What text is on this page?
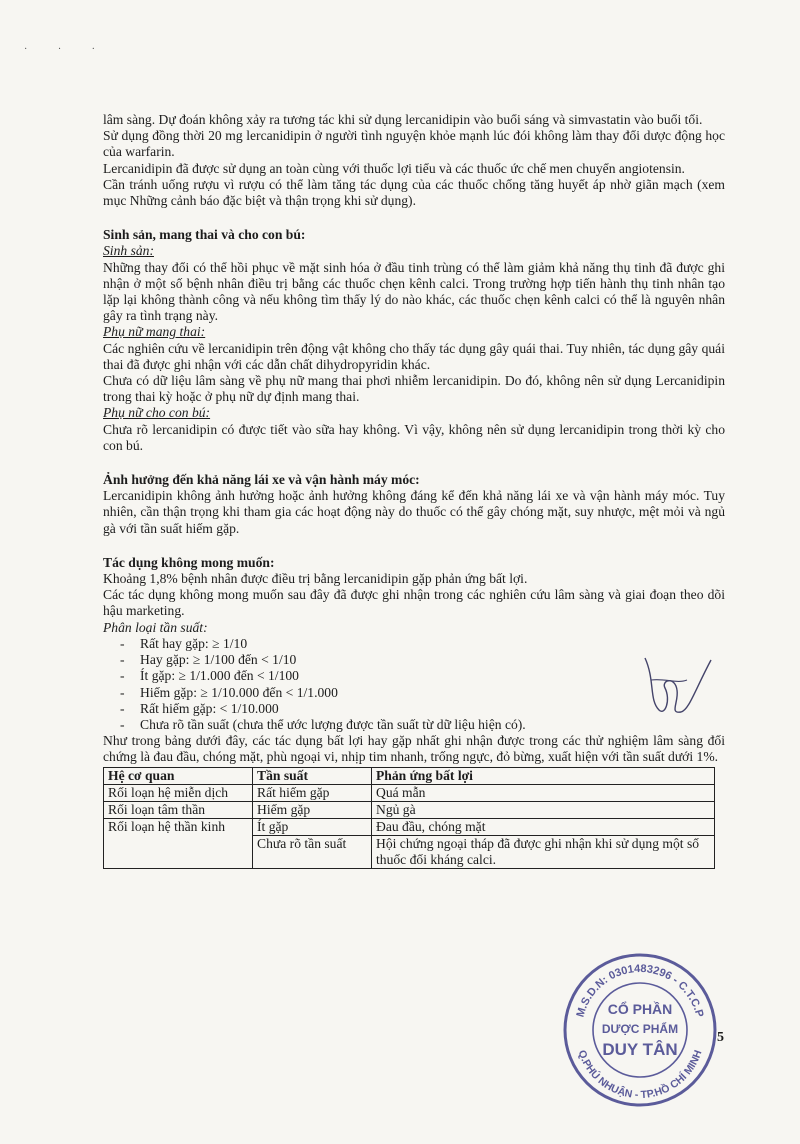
· · ·

lâm sàng. Dự đoán không xảy ra tương tác khi sử dụng lercanidipin vào buổi sáng và simvastatin vào buổi tối.

Sử dụng đồng thời 20 mg lercanidipin ở người tình nguyện khỏe mạnh lúc đói không làm thay đổi dược động học của warfarin.

Lercanidipin đã được sử dụng an toàn cùng với thuốc lợi tiểu và các thuốc ức chế men chuyển angiotensin.

Cần tránh uống rượu vì rượu có thể làm tăng tác dụng của các thuốc chống tăng huyết áp nhờ giãn mạch (xem mục Những cảnh báo đặc biệt và thận trọng khi sử dụng).

Sinh sản, mang thai và cho con bú:

Sinh sản:

Những thay đổi có thể hồi phục về mặt sinh hóa ở đầu tinh trùng có thể làm giảm khả năng thụ tinh đã được ghi nhận ở một số bệnh nhân điều trị bằng các thuốc chẹn kênh calci. Trong trường hợp tiến hành thụ tinh nhân tạo lặp lại không thành công và nếu không tìm thấy lý do nào khác, các thuốc chẹn kênh calci có thể là nguyên nhân gây ra tình trạng này.

Phụ nữ mang thai:

Các nghiên cứu về lercanidipin trên động vật không cho thấy tác dụng gây quái thai. Tuy nhiên, tác dụng gây quái thai đã được ghi nhận với các dẫn chất dihydropyridin khác.

Chưa có dữ liệu lâm sàng về phụ nữ mang thai phơi nhiễm lercanidipin. Do đó, không nên sử dụng Lercanidipin trong thai kỳ hoặc ở phụ nữ dự định mang thai.

Phụ nữ cho con bú:

Chưa rõ lercanidipin có được tiết vào sữa hay không. Vì vậy, không nên sử dụng lercanidipin trong thời kỳ cho con bú.

Ảnh hưởng đến khả năng lái xe và vận hành máy móc:

Lercanidipin không ảnh hưởng hoặc ảnh hưởng không đáng kể đến khả năng lái xe và vận hành máy móc. Tuy nhiên, cần thận trọng khi tham gia các hoạt động này do thuốc có thể gây chóng mặt, suy nhược, mệt mỏi và ngủ gà với tần suất hiếm gặp.

Tác dụng không mong muốn:

Khoảng 1,8% bệnh nhân được điều trị bằng lercanidipin gặp phản ứng bất lợi.

Các tác dụng không mong muốn sau đây đã được ghi nhận trong các nghiên cứu lâm sàng và giai đoạn theo dõi hậu marketing.

Phân loại tần suất:

- Rất hay gặp: ≥ 1/10
- Hay gặp: ≥ 1/100 đến < 1/10
- Ít gặp: ≥ 1/1.000 đến < 1/100
- Hiếm gặp: ≥ 1/10.000 đến < 1/1.000
- Rất hiếm gặp: < 1/10.000
- Chưa rõ tần suất (chưa thể ước lượng được tần suất từ dữ liệu hiện có).

Như trong bảng dưới đây, các tác dụng bất lợi hay gặp nhất ghi nhận được trong các thử nghiệm lâm sàng đối chứng là đau đầu, chóng mặt, phù ngoại vi, nhịp tim nhanh, trống ngực, đỏ bừng, xuất hiện với tần suất dưới 1%.

Hệ cơ quan	Tần suất	Phản ứng bất lợi
Rối loạn hệ miễn dịch	Rất hiếm gặp	Quá mẫn
Rối loạn tâm thần	Hiếm gặp	Ngủ gà
Rối loạn hệ thần kinh	Ít gặp	Đau đầu, chóng mặt
	Chưa rõ tần suất	Hội chứng ngoại tháp đã được ghi nhận khi sử dụng một số thuốc đối kháng calci.
M.S.D.N: 0301483296 - C.T.C.P
Q.PHÚ NHUẬN - TP.HỒ CHÍ MINH
CỔ PHẦN
DƯỢC PHẨM
DUY TÂN
5
